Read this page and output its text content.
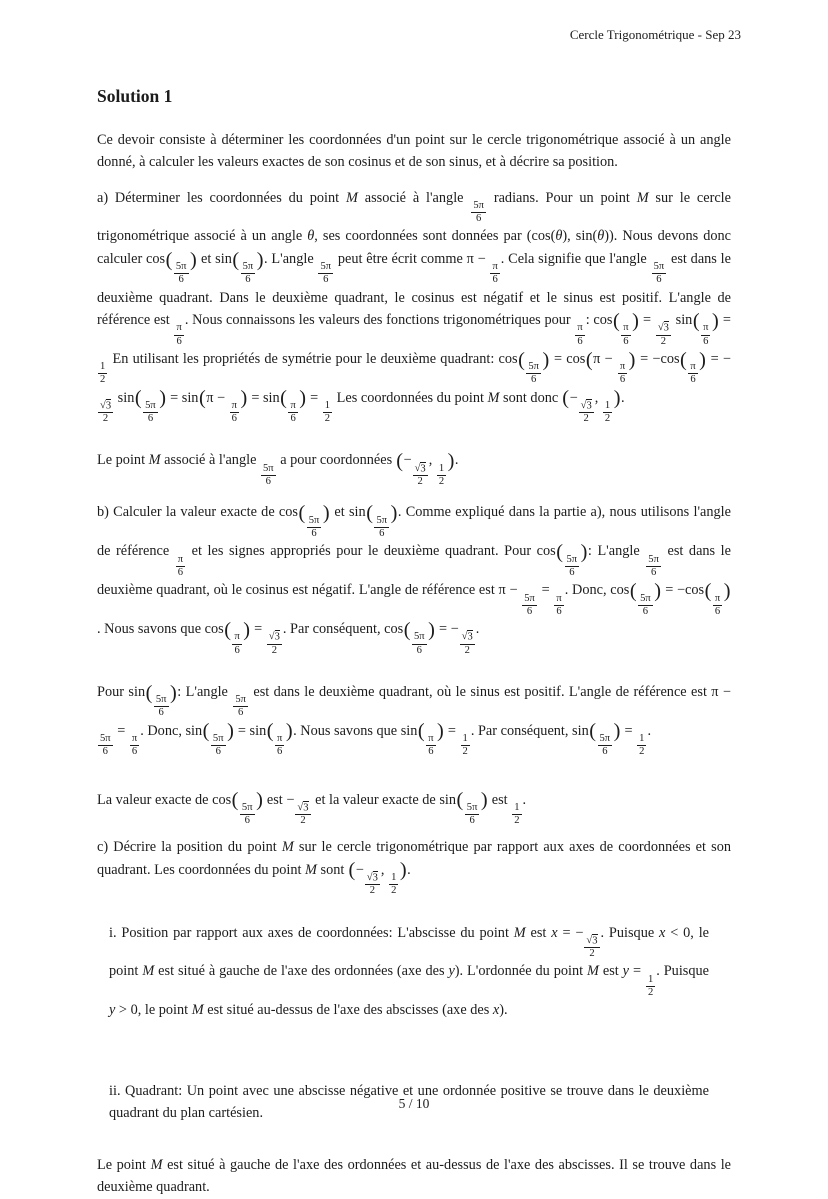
Cercle Trigonométrique - Sep 23
Solution 1

Ce devoir consiste à déterminer les coordonnées d'un point sur le cercle trigonométrique associé à un angle donné, à calculer les valeurs exactes de son cosinus et de son sinus, et à décrire sa position.

a) Déterminer les coordonnées du point M associé à l'angle
$\frac{5\pi}{6}$
radians. Pour un point M sur le cercle trigonométrique associé à un angle θ, ses coordonnées sont données par (cos(θ), sin(θ)). Nous devons donc calculer cos(
$\frac{5\pi}{6}$
) et sin(
$\frac{5\pi}{6}$
). L'angle
$\frac{5\pi}{6}$
peut être écrit comme π −
$\frac{\pi}{6}$
. Cela signifie que l'angle
$\frac{5\pi}{6}$
est dans le deuxième quadrant. Dans le deuxième quadrant, le cosinus est négatif et le sinus est positif. L'angle de référence est
$\frac{\pi}{6}$
. Nous connaissons les valeurs des fonctions trigonométriques pour
$\frac{\pi}{6}$
: cos(
$\frac{\pi}{6}$
) =
$\frac{√3}{2}$
sin(
$\frac{\pi}{6}$
) =
$\frac{1}{2}$
En utilisant les propriétés de symétrie pour le deuxième quadrant: cos(
$\frac{5\pi}{6}$
) = cos(π −
$\frac{\pi}{6}$
) = −cos(
$\frac{\pi}{6}$
) = −
$\frac{√3}{2}$
sin(
$\frac{5\pi}{6}$
) = sin(π −
$\frac{\pi}{6}$
) = sin(
$\frac{\pi}{6}$
) =
$\frac{1}{2}$
Les coordonnées du point M sont donc (−
$\frac{√3}{2}$
,
$\frac{1}{2}$
).

Le point M associé à l'angle
$\frac{5\pi}{6}$
a pour coordonnées (−
$\frac{√3}{2}$
,
$\frac{1}{2}$
).

b) Calculer la valeur exacte de cos(
$\frac{5\pi}{6}$
) et sin(
$\frac{5\pi}{6}$
). Comme expliqué dans la partie a), nous utilisons l'angle de référence
$\frac{\pi}{6}$
et les signes appropriés pour le deuxième quadrant. Pour cos(
$\frac{5\pi}{6}$
): L'angle
$\frac{5\pi}{6}$
est dans le deuxième quadrant, où le cosinus est négatif. L'angle de référence est π −
$\frac{5\pi}{6}$
=
$\frac{\pi}{6}$
. Donc, cos(
$\frac{5\pi}{6}$
) = −cos(
$\frac{\pi}{6}$
). Nous savons que cos(
$\frac{\pi}{6}$
) =
$\frac{√3}{2}$
. Par conséquent, cos(
$\frac{5\pi}{6}$
) = −
$\frac{√3}{2}$
.

Pour sin(
$\frac{5\pi}{6}$
): L'angle
$\frac{5\pi}{6}$
est dans le deuxième quadrant, où le sinus est positif. L'angle de référence est π −
$\frac{5\pi}{6}$
=
$\frac{\pi}{6}$
. Donc, sin(
$\frac{5\pi}{6}$
) = sin(
$\frac{\pi}{6}$
). Nous savons que sin(
$\frac{\pi}{6}$
) =
$\frac{1}{2}$
. Par conséquent, sin(
$\frac{5\pi}{6}$
) =
$\frac{1}{2}$
.

La valeur exacte de cos(
$\frac{5\pi}{6}$
) est −
$\frac{√3}{2}$
et la valeur exacte de sin(
$\frac{5\pi}{6}$
) est
$\frac{1}{2}$
.

c) Décrire la position du point M sur le cercle trigonométrique par rapport aux axes de coordonnées et son quadrant. Les coordonnées du point M sont (−
$\frac{√3}{2}$
,
$\frac{1}{2}$
).

i. Position par rapport aux axes de coordonnées: L'abscisse du point M est x = −
$\frac{√3}{2}$
. Puisque x < 0, le point M est situé à gauche de l'axe des ordonnées (axe des y). L'ordonnée du point M est y =
$\frac{1}{2}$
. Puisque y > 0, le point M est situé au-dessus de l'axe des abscisses (axe des x).

ii. Quadrant: Un point avec une abscisse négative et une ordonnée positive se trouve dans le deuxième quadrant du plan cartésien.

Le point M est situé à gauche de l'axe des ordonnées et au-dessus de l'axe des abscisses. Il se trouve dans le deuxième quadrant.

5 / 10
